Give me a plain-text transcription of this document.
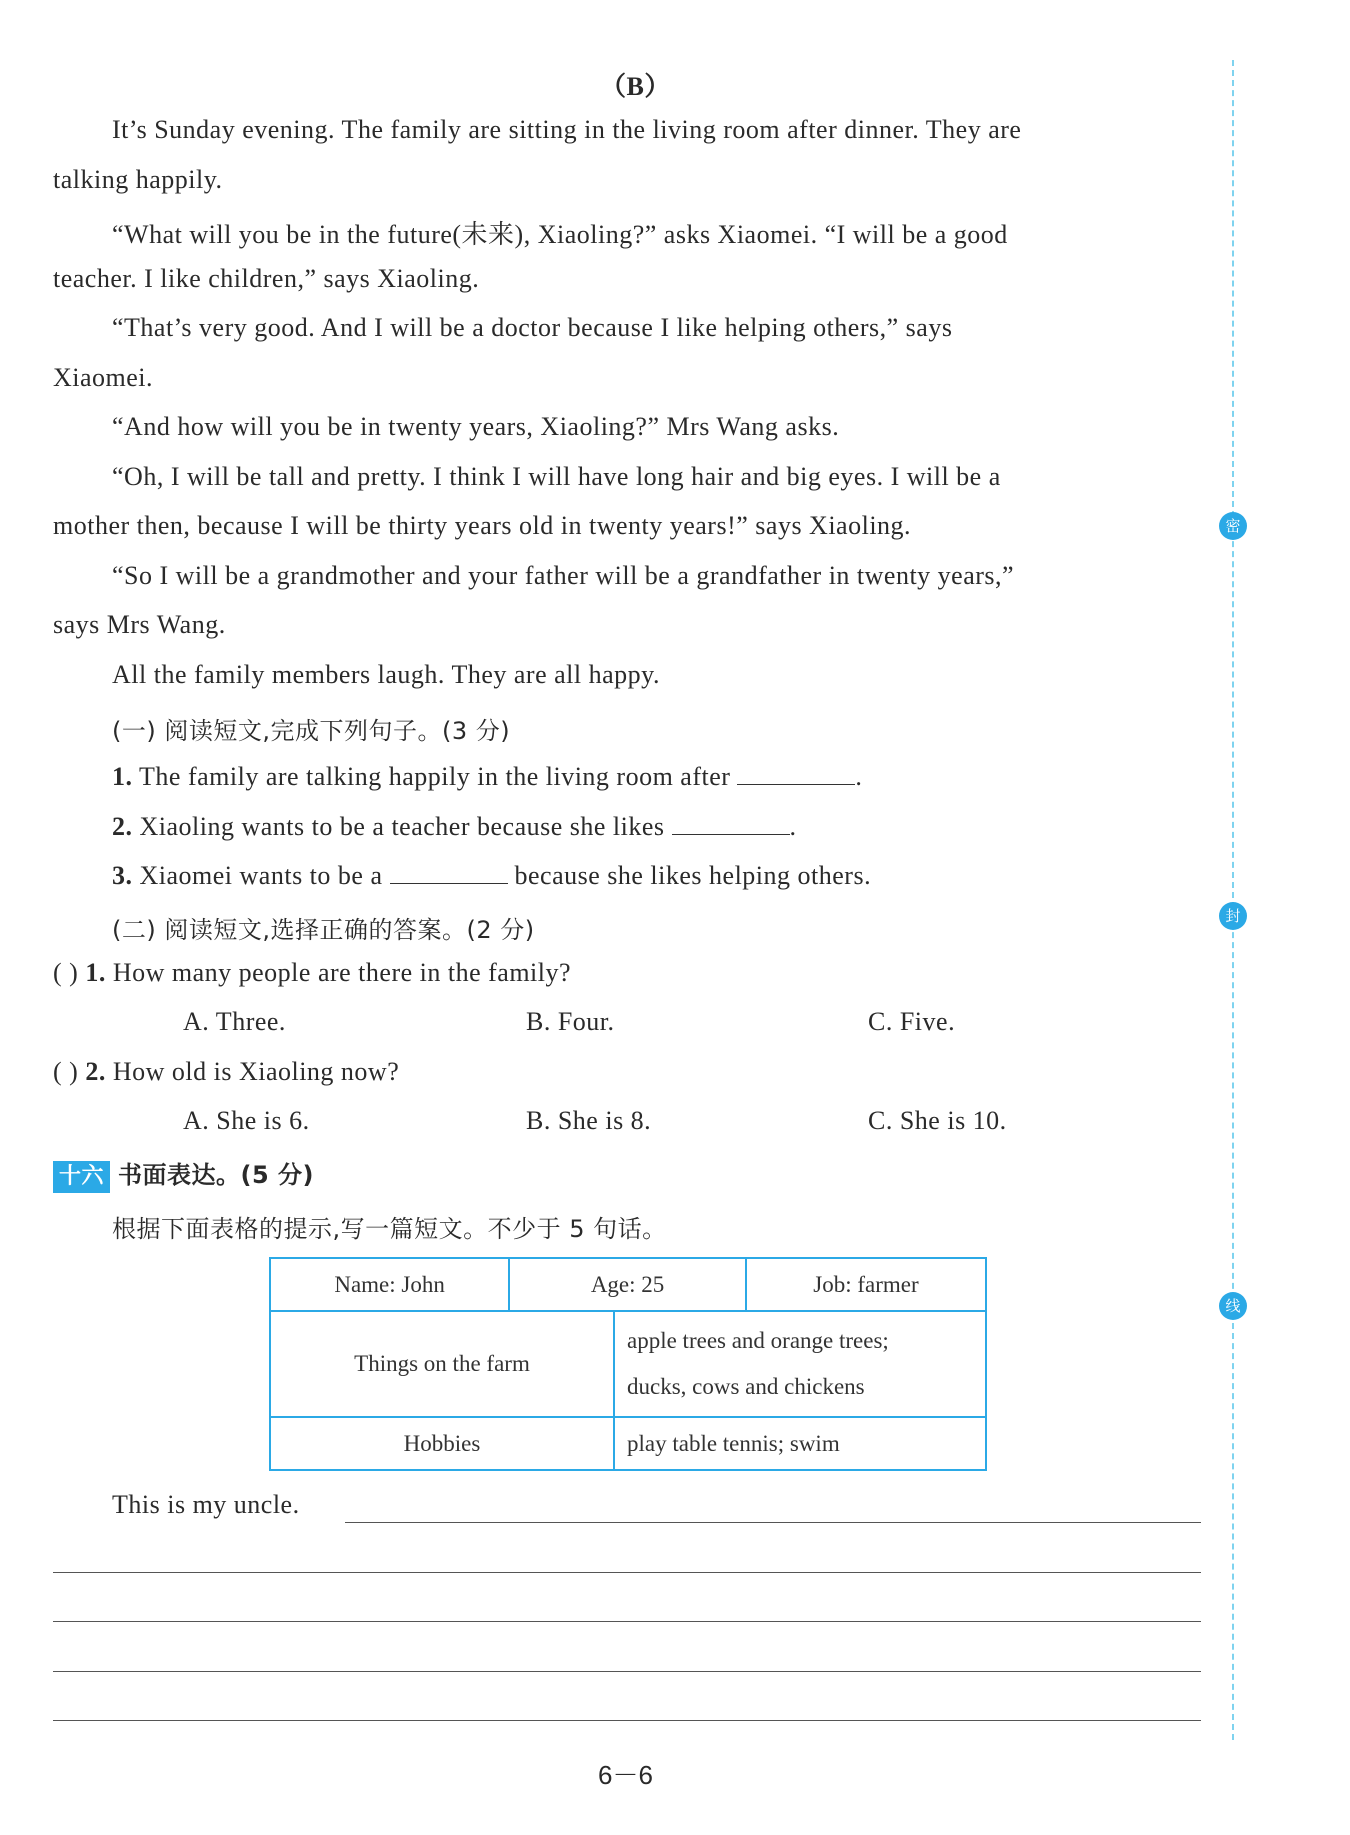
（B）
It’s Sunday evening. The family are sitting in the living room after dinner. They are
talking happily.
“What will you be in the future(未来), Xiaoling?” asks Xiaomei. “I will be a good
teacher. I like children,” says Xiaoling.
“That’s very good. And I will be a doctor because I like helping others,” says
Xiaomei.
“And how will you be in twenty years, Xiaoling?” Mrs Wang asks.
“Oh, I will be tall and pretty. I think I will have long hair and big eyes. I will be a
mother then, because I will be thirty years old in twenty years!” says Xiaoling.
“So I will be a grandmother and your father will be a grandfather in twenty years,”
says Mrs Wang.
All the family members laugh. They are all happy.
(一) 阅读短文,完成下列句子。(3 分)
1. The family are talking happily in the living room after	.
2. Xiaoling wants to be a teacher because she likes	.
3. Xiaomei wants to be a	because she likes helping others.
(二) 阅读短文,选择正确的答案。(2 分)
( ) 1. How many people are there in the family?
A. Three.	B. Four.	C. Five.
( ) 2. How old is Xiaoling now?
A. She is 6.	B. She is 8.	C. She is 10.
十六 书面表达。(5 分)
根据下面表格的提示,写一篇短文。不少于 5 句话。
Name: John	Age: 25	Job: farmer
Things on the farm	apple trees and orange trees;
ducks, cows and chickens

Hobbies	play table tennis; swim
This is my uncle.
密
封
线
6－6
